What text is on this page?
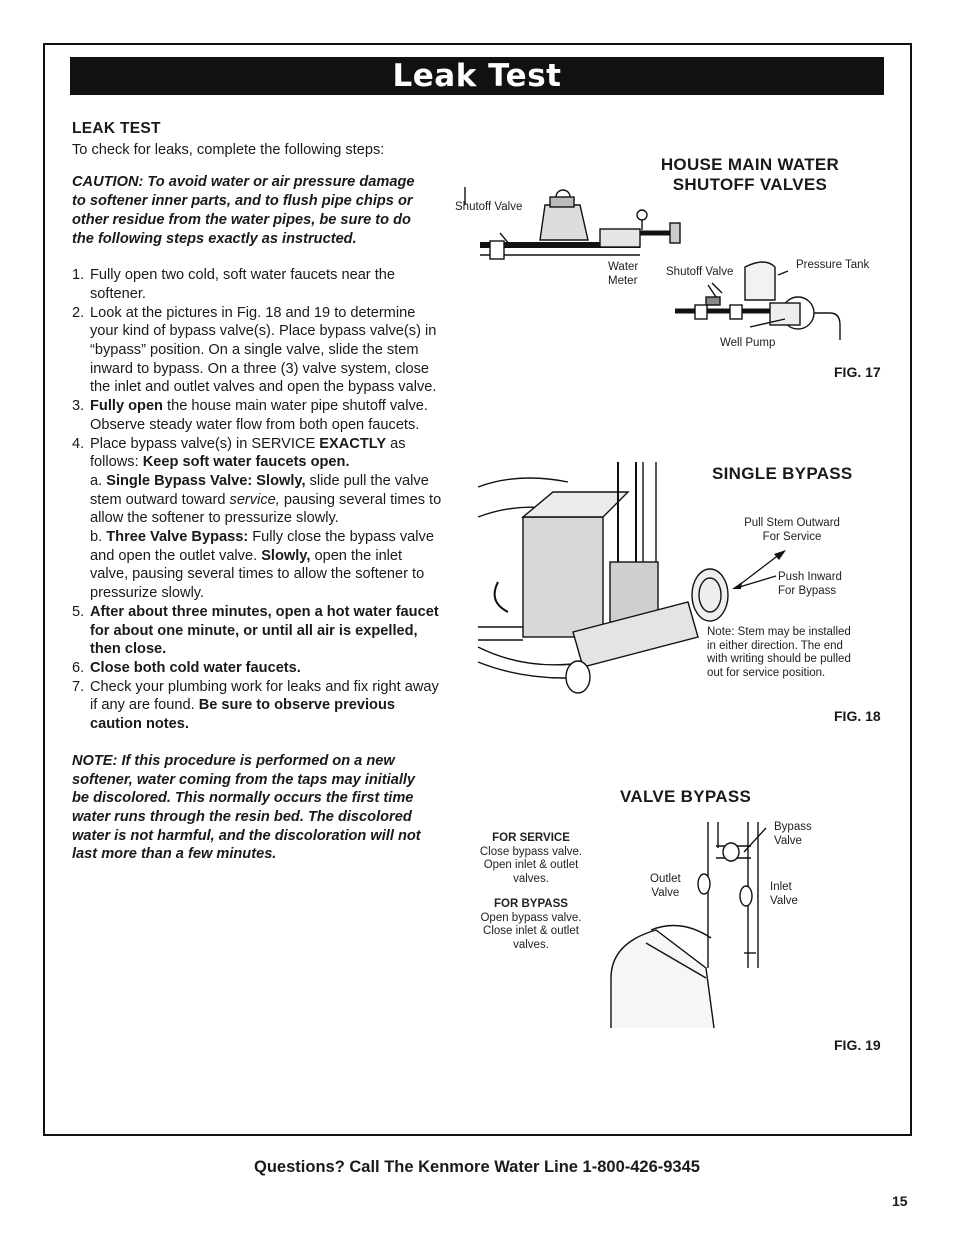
Leak Test

LEAK TEST

To check for leaks, complete the following steps:

CAUTION: To avoid water or air pressure damage to softener inner parts, and to flush pipe chips or other residue from the water pipes, be sure to do the following steps exactly as instructed.

1. Fully open two cold, soft water faucets near the softener.
2. Look at the pictures in Fig. 18 and 19 to determine your kind of bypass valve(s). Place bypass valve(s) in “bypass” position. On a single valve, slide the stem inward to bypass. On a three (3) valve system, close the inlet and outlet valves and open the bypass valve.
3. Fully open the house main water pipe shutoff valve. Observe steady water flow from both open faucets.
4. Place bypass valve(s) in SERVICE EXACTLY as follows: Keep soft water faucets open.
a. Single Bypass Valve: Slowly, slide pull the valve stem outward toward service, pausing several times to allow the softener to pressurize slowly.
b. Three Valve Bypass: Fully close the bypass valve and open the outlet valve. Slowly, open the inlet valve, pausing several times to allow the softener to pressurize slowly.
5. After about three minutes, open a hot water faucet for about one minute, or until all air is expelled, then close.
6. Close both cold water faucets.
7. Check your plumbing work for leaks and fix right away if any are found. Be sure to observe previous caution notes.

NOTE: If this procedure is performed on a new softener, water coming from the taps may initially be discolored. This normally occurs the first time water runs through the resin bed. The discolored water is not harmful, and the discoloration will not last more than a few minutes.

HOUSE MAIN WATER
SHUTOFF VALVES
Shutoff Valve
Water
Meter
Shutoff Valve
Pressure Tank
Well Pump
FIG. 17
SINGLE BYPASS
Pull Stem Outward
For Service
Push Inward
For Bypass
Note: Stem may be installed
in either direction. The end
with writing should be pulled
out for service position.
FIG. 18
VALVE BYPASS
FOR SERVICE
Close bypass valve.
Open inlet & outlet
valves.
FOR BYPASS
Open bypass valve.
Close inlet & outlet
valves.
Outlet
Valve
Bypass
Valve
Inlet
Valve
FIG. 19
Questions? Call The Kenmore Water Line 1-800-426-9345
15
